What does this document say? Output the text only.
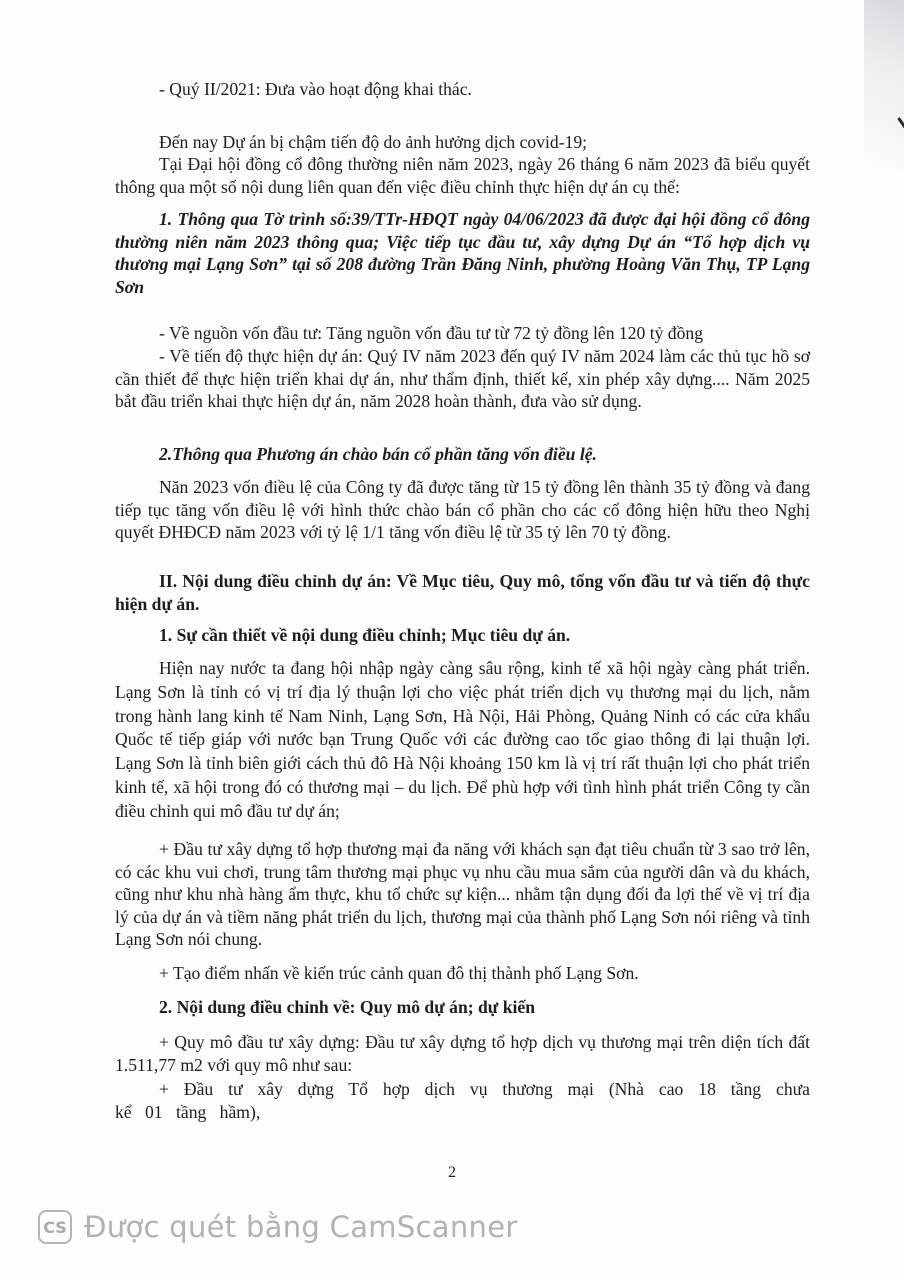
- Quý II/2021: Đưa vào hoạt động khai thác.

Đến nay Dự án bị chậm tiến độ do ảnh hưởng dịch covid-19;

Tại Đại hội đồng cổ đông thường niên năm 2023, ngày 26 tháng 6 năm 2023 đã biểu quyết thông qua một số nội dung liên quan đến việc điều chỉnh thực hiện dự án cụ thể:

1. Thông qua Tờ trình số:39/TTr-HĐQT ngày 04/06/2023 đã được đại hội đồng cổ đông thường niên năm 2023 thông qua; Việc tiếp tục đầu tư, xây dựng Dự án “Tổ hợp dịch vụ thương mại Lạng Sơn” tại số 208 đường Trần Đăng Ninh, phường Hoàng Văn Thụ, TP Lạng Sơn

- Về nguồn vốn đầu tư: Tăng nguồn vốn đầu tư từ 72 tỷ đồng lên 120 tỷ đồng

- Về tiến độ thực hiện dự án: Quý IV năm 2023 đến quý IV năm 2024 làm các thủ tục hồ sơ cần thiết để thực hiện triển khai dự án, như thẩm định, thiết kế, xin phép xây dựng.... Năm 2025 bắt đầu triển khai thực hiện dự án, năm 2028 hoàn thành, đưa vào sử dụng.

2.Thông qua Phương án chào bán cổ phần tăng vốn điều lệ.

Năn 2023 vốn điều lệ của Công ty đã được tăng từ 15 tỷ đồng lên thành 35 tỷ đồng và đang tiếp tục tăng vốn điều lệ với hình thức chào bán cổ phần cho các cổ đông hiện hữu theo Nghị quyết ĐHĐCĐ năm 2023 với tỷ lệ 1/1 tăng vốn điều lệ từ 35 tỷ lên 70 tỷ đồng.

II. Nội dung điều chỉnh dự án: Về Mục tiêu, Quy mô, tổng vốn đầu tư và tiến độ thực hiện dự án.

1. Sự cần thiết về nội dung điều chỉnh; Mục tiêu dự án.

Hiện nay nước ta đang hội nhập ngày càng sâu rộng, kinh tế xã hội ngày càng phát triển. Lạng Sơn là tỉnh có vị trí địa lý thuận lợi cho việc phát triển dịch vụ thương mại du lịch, nằm trong hành lang kinh tế Nam Ninh, Lạng Sơn, Hà Nội, Hải Phòng, Quảng Ninh có các cửa khẩu Quốc tế tiếp giáp với nước bạn Trung Quốc với các đường cao tốc giao thông đi lại thuận lợi. Lạng Sơn là tỉnh biên giới cách thủ đô Hà Nội khoảng 150 km là vị trí rất thuận lợi cho phát triển kinh tế, xã hội trong đó có thương mại – du lịch. Để phù hợp với tình hình phát triển Công ty cần điều chỉnh qui mô đầu tư dự án;

+ Đầu tư xây dựng tổ hợp thương mại đa năng với khách sạn đạt tiêu chuẩn từ 3 sao trở lên, có các khu vui chơi, trung tâm thương mại phục vụ nhu cầu mua sắm của người dân và du khách, cũng như khu nhà hàng ẩm thực, khu tổ chức sự kiện... nhằm tận dụng đối đa lợi thế về vị trí địa lý của dự án và tiềm năng phát triển du lịch, thương mại của thành phố Lạng Sơn nói riêng và tỉnh Lạng Sơn nói chung.

+ Tạo điểm nhấn về kiến trúc cảnh quan đô thị thành phố Lạng Sơn.

2. Nội dung điều chỉnh về: Quy mô dự án; dự kiến

+ Quy mô đầu tư xây dựng: Đầu tư xây dựng tổ hợp dịch vụ thương mại trên diện tích đất 1.511,77 m2 với quy mô như sau:

+ Đầu tư xây dựng Tổ hợp dịch vụ thương mại (Nhà cao 18 tầng chưa kể 01 tầng hầm),

2
CS Được quét bằng CamScanner
